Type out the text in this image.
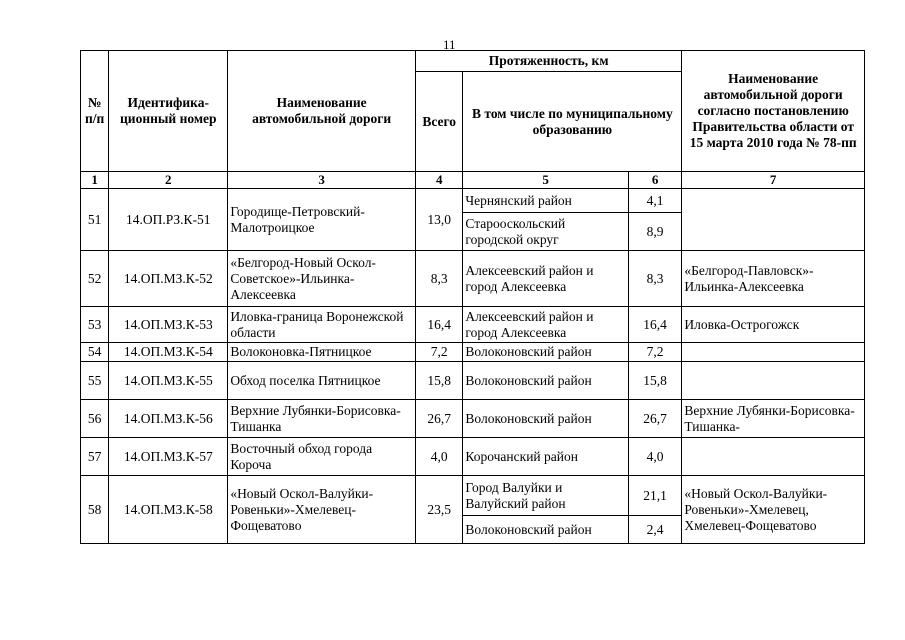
11
№ п/п	Идентифика-ционный номер	Наименование автомобильной дороги	Протяженность, км			Наименование автомобильной дороги согласно постановлению Правительства области от 15 марта 2010 года № 78-пп
			Всего	В том числе по муниципальному образованию		
1	2	3	4	5	6	7
51	14.ОП.РЗ.К-51	Городище-Петровский-Малотроицкое	13,0	Чернянский район	4,1	
				Старооскольский городской округ	8,9	
52	14.ОП.МЗ.К-52	«Белгород-Новый Оскол-Советское»-Ильинка-Алексеевка	8,3	Алексеевский район и город Алексеевка	8,3	«Белгород-Павловск»-Ильинка-Алексеевка
53	14.ОП.МЗ.К-53	Иловка-граница Воронежской области	16,4	Алексеевский район и город Алексеевка	16,4	Иловка-Острогожск
54	14.ОП.МЗ.К-54	Волоконовка-Пятницкое	7,2	Волоконовский район	7,2	
55	14.ОП.МЗ.К-55	Обход поселка Пятницкое	15,8	Волоконовский район	15,8	
56	14.ОП.МЗ.К-56	Верхние Лубянки-Борисовка-Тишанка	26,7	Волоконовский район	26,7	Верхние Лубянки-Борисовка-Тишанка-
57	14.ОП.МЗ.К-57	Восточный обход города Короча	4,0	Корочанский район	4,0	
58	14.ОП.МЗ.К-58	«Новый Оскол-Валуйки-Ровеньки»-Хмелевец-Фощеватово	23,5	Город Валуйки и Валуйский район	21,1	«Новый Оскол-Валуйки-Ровеньки»-Хмелевец, Хмелевец-Фощеватово
				Волоконовский район	2,4	
